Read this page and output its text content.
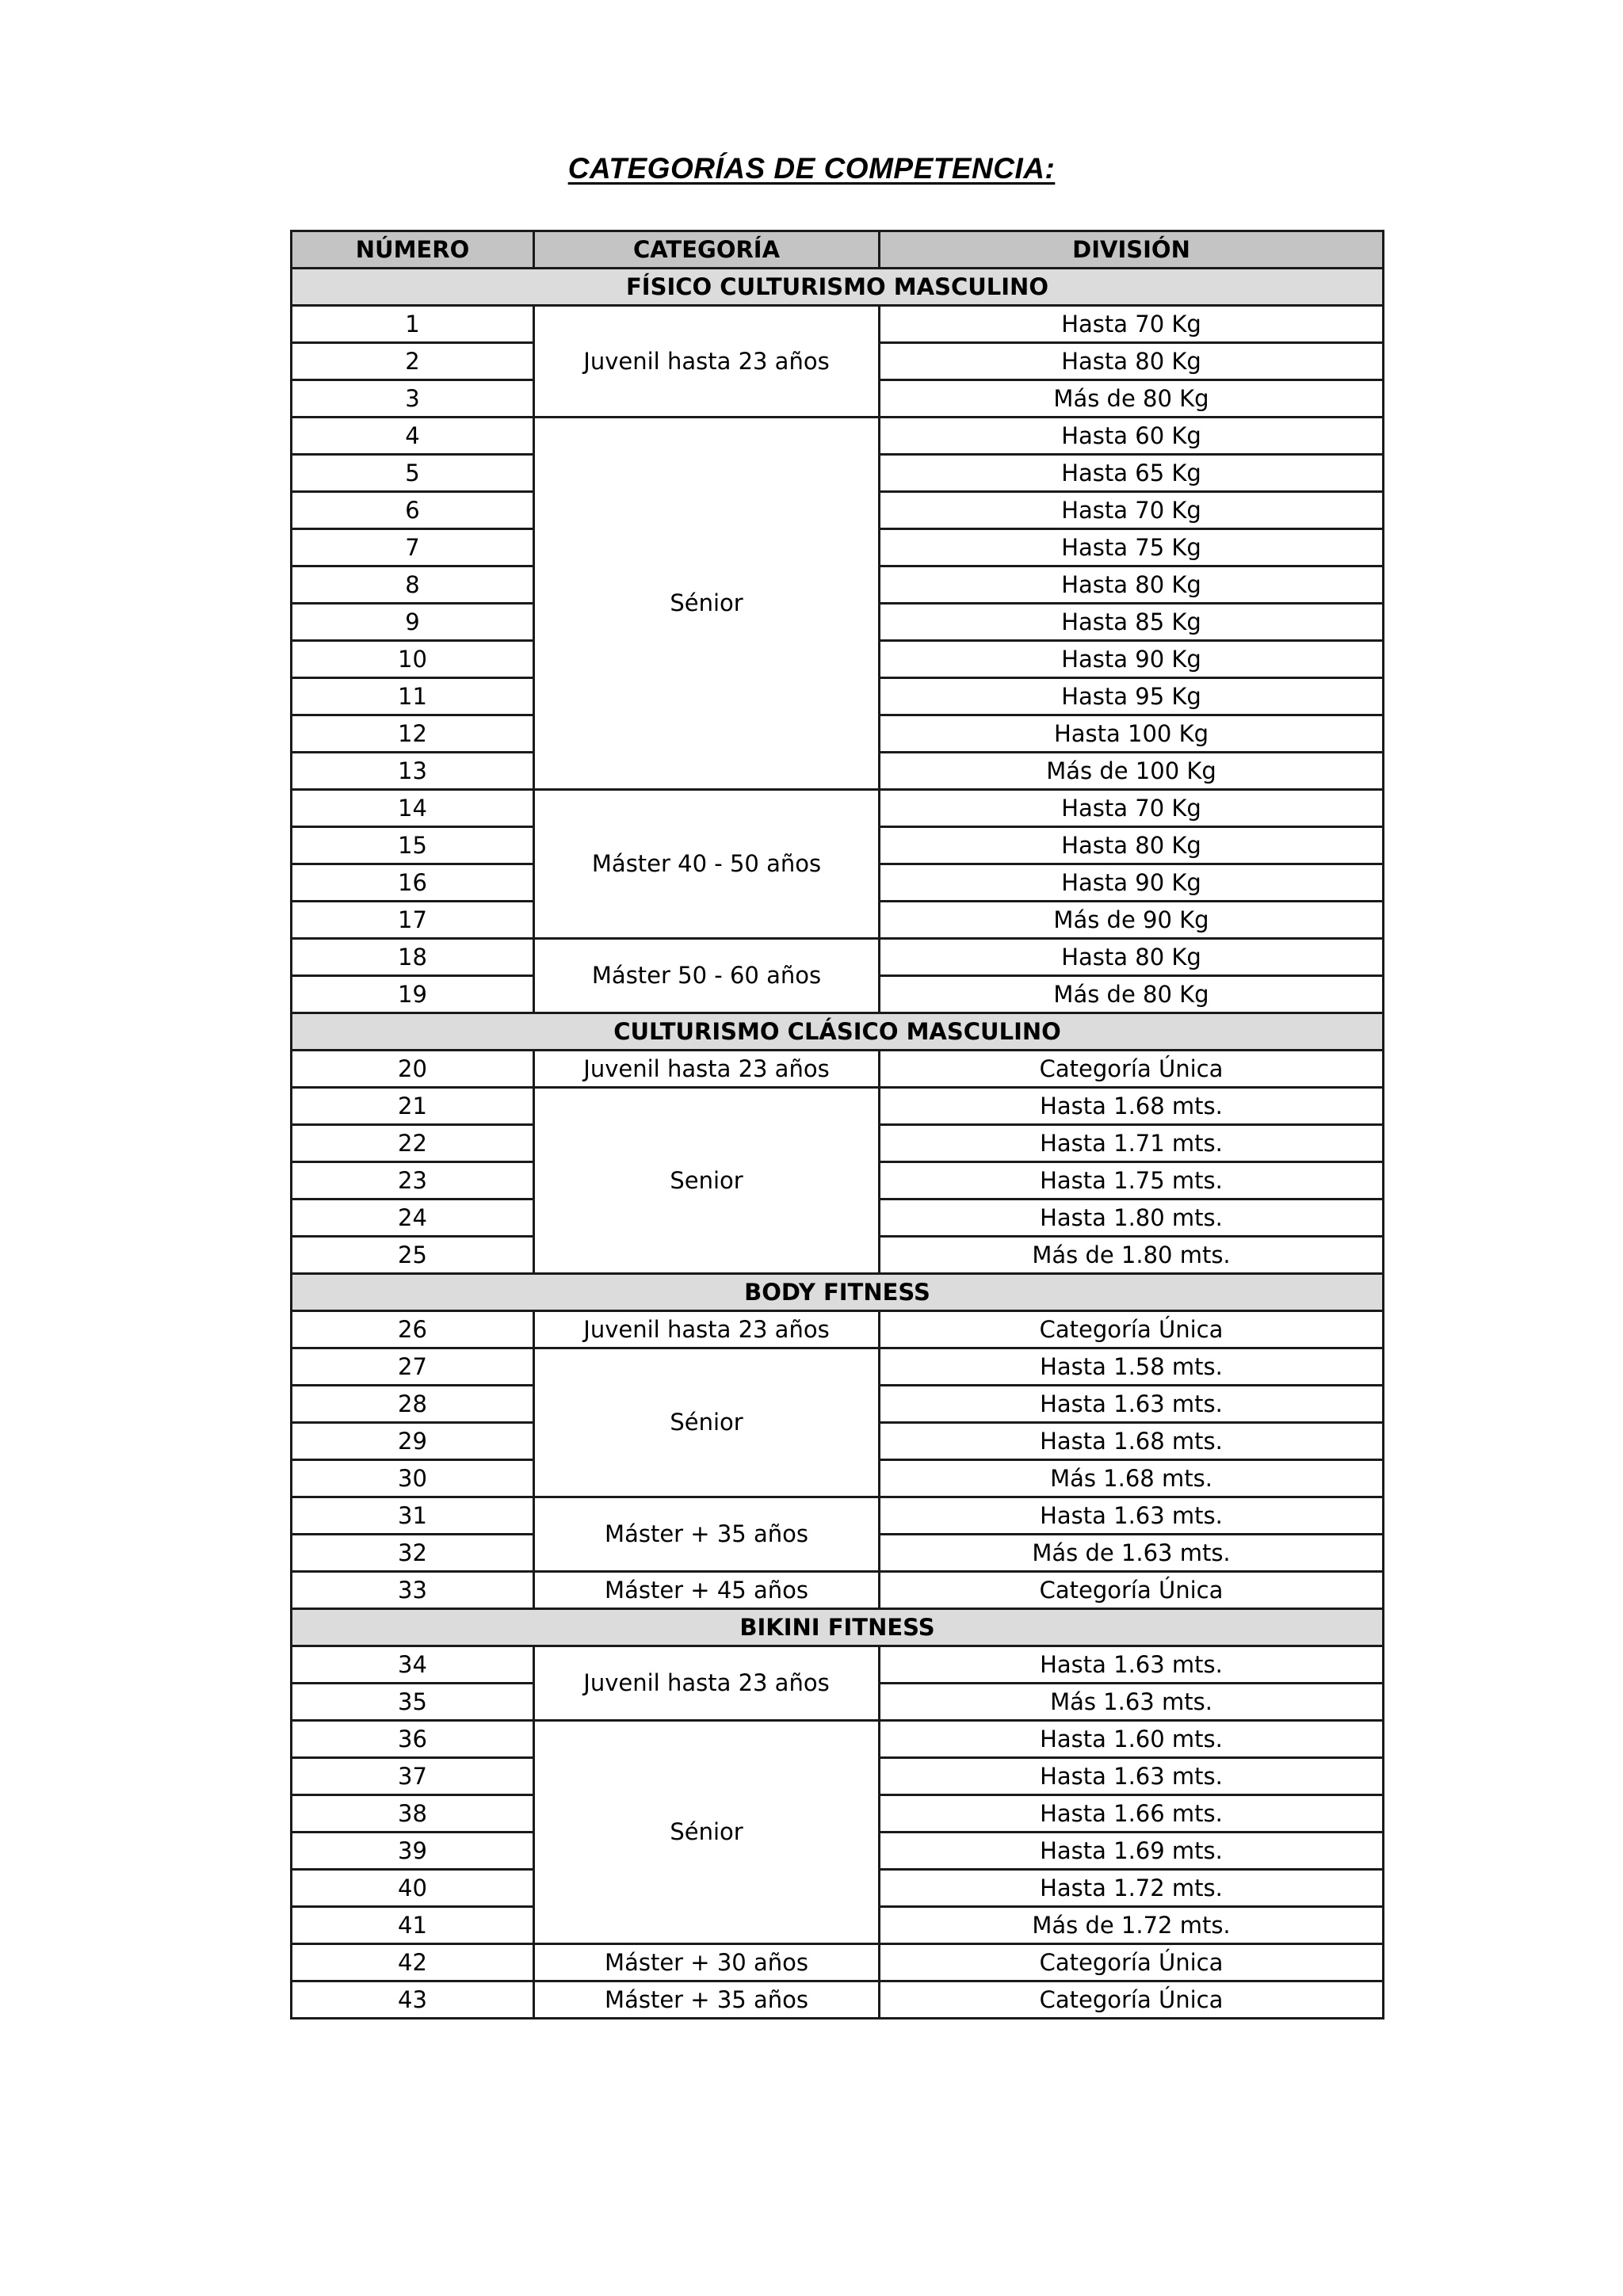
CATEGORÍAS DE COMPETENCIA:
NÚMERO	CATEGORÍA	DIVISIÓN
FÍSICO CULTURISMO MASCULINO		
1	Juvenil hasta 23 años	Hasta 70 Kg
2		Hasta 80 Kg
3		Más de 80 Kg
4	Sénior	Hasta 60 Kg
5		Hasta 65 Kg
6		Hasta 70 Kg
7		Hasta 75 Kg
8		Hasta 80 Kg
9		Hasta 85 Kg
10		Hasta 90 Kg
11		Hasta 95 Kg
12		Hasta 100 Kg
13		Más de 100 Kg
14	Máster 40 - 50 años	Hasta 70 Kg
15		Hasta 80 Kg
16		Hasta 90 Kg
17		Más de 90 Kg
18	Máster 50 - 60 años	Hasta 80 Kg
19		Más de 80 Kg
CULTURISMO CLÁSICO MASCULINO		
20	Juvenil hasta 23 años	Categoría Única
21	Senior	Hasta 1.68 mts.
22		Hasta 1.71 mts.
23		Hasta 1.75 mts.
24		Hasta 1.80 mts.
25		Más de 1.80 mts.
BODY FITNESS		
26	Juvenil hasta 23 años	Categoría Única
27	Sénior	Hasta 1.58 mts.
28		Hasta 1.63 mts.
29		Hasta 1.68 mts.
30		Más 1.68 mts.
31	Máster + 35 años	Hasta 1.63 mts.
32		Más de 1.63 mts.
33	Máster + 45 años	Categoría Única
BIKINI FITNESS		
34	Juvenil hasta 23 años	Hasta 1.63 mts.
35		Más 1.63 mts.
36	Sénior	Hasta 1.60 mts.
37		Hasta 1.63 mts.
38		Hasta 1.66 mts.
39		Hasta 1.69 mts.
40		Hasta 1.72 mts.
41		Más de 1.72 mts.
42	Máster + 30 años	Categoría Única
43	Máster + 35 años	Categoría Única
